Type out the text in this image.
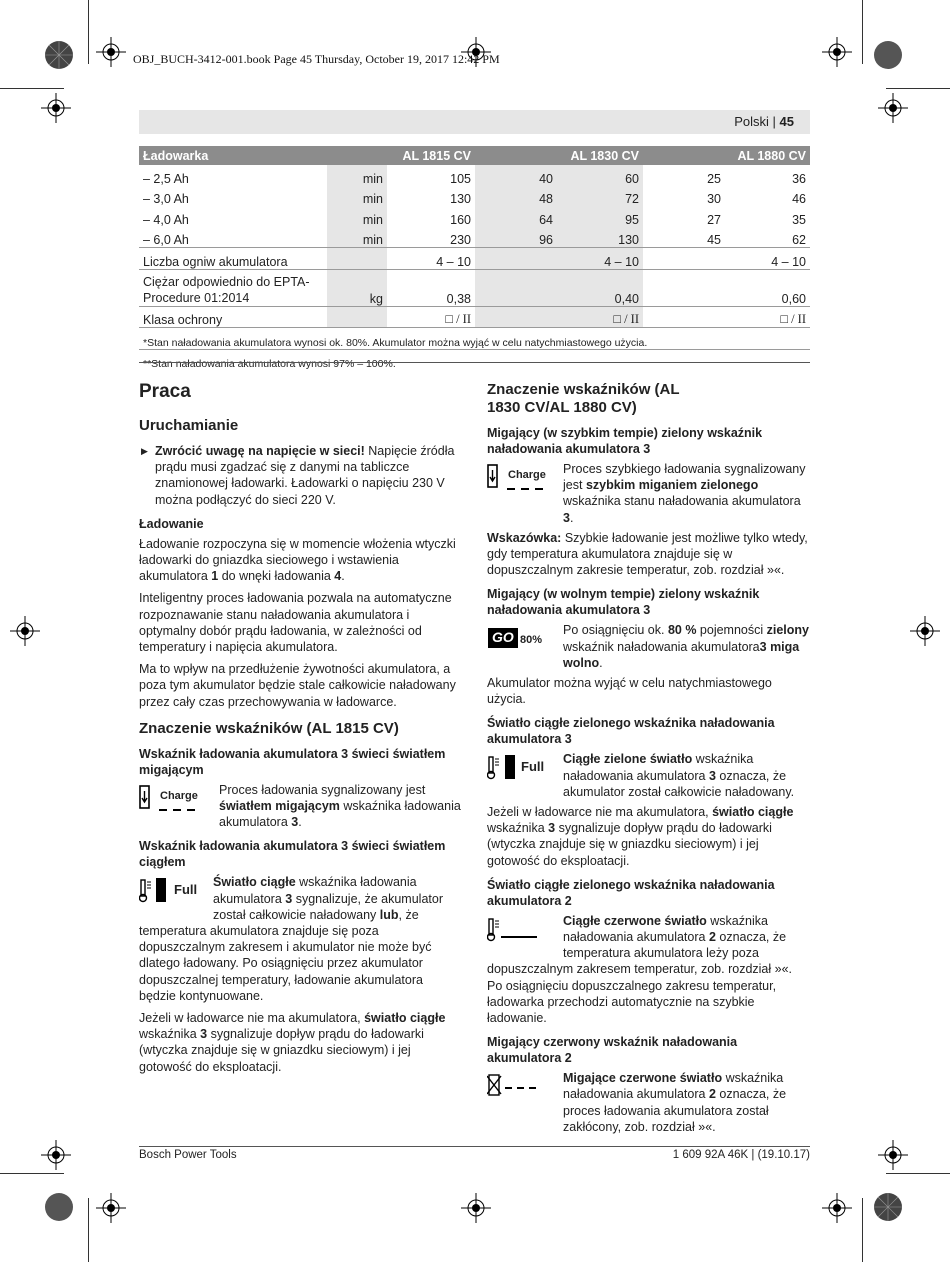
OBJ_BUCH-3412-001.book Page 45 Thursday, October 19, 2017 12:42 PM
Polski | 45
Ładowarka		AL 1815 CV		AL 1830 CV		AL 1880 CV
– 2,5 Ah	min	105	40	60	25	36
– 3,0 Ah	min	130	48	72	30	46
– 4,0 Ah	min	160	64	95	27	35
– 6,0 Ah	min	230	96	130	45	62
Liczba ogniw akumulatora		4 – 10		4 – 10		4 – 10
Ciężar odpowiednio do EPTA-
Procedure 01:2014	kg	0,38		0,40		0,60
Klasa ochrony		□ / II		□ / II		□ / II
*Stan naładowania akumulatora wynosi ok. 80%. Akumulator można wyjąć w celu natychmiastowego użycia.						
**Stan naładowania akumulatora wynosi 97% – 100%.						
Praca
Uruchamianie

▶ Zwrócić uwagę na napięcie w sieci! Napięcie źródła prądu musi zgadzać się z danymi na tabliczce znamionowej ładowarki. Ładowarki o napięciu 230 V można podłączyć do sieci 220 V.

Ładowanie

Ładowanie rozpoczyna się w momencie włożenia wtyczki ładowarki do gniazdka sieciowego i wstawienia akumulatora 1 do wnęki ładowania 4.

Inteligentny proces ładowania pozwala na automatyczne rozpoznawanie stanu naładowania akumulatora i optymalny dobór prądu ładowania, w zależności od temperatury i napięcia akumulatora.

Ma to wpływ na przedłużenie żywotności akumulatora, a poza tym akumulator będzie stale całkowicie naładowany przez cały czas przechowywania w ładowarce.

Znaczenie wskaźników (AL 1815 CV)
Wskaźnik ładowania akumulatora 3 świeci światłem migającym
Charge Proces ładowania sygnalizowany jest światłem migającym wskaźnika ładowania akumulatora 3.
Wskaźnik ładowania akumulatora 3 świeci światłem ciągłem

Full Światło ciągłe wskaźnika ładowania akumulatora 3 sygnalizuje, że akumulator został całkowicie naładowany lub, że temperatura akumulatora znajduje się poza dopuszczalnym zakresem i akumulator nie może być dlatego ładowany. Po osiągnięciu przez akumulator dopuszczalnej temperatury, ładowanie akumulatora będzie kontynuowane.

Jeżeli w ładowarce nie ma akumulatora, światło ciągłe wskaźnika 3 sygnalizuje dopływ prądu do ładowarki (wtyczka znajduje się w gniazdku sieciowym) i jej gotowość do eksploatacji.

Znaczenie wskaźników (AL 1830 CV/AL 1880 CV)
Migający (w szybkim tempie) zielony wskaźnik naładowania akumulatora 3
Charge Proces szybkiego ładowania sygnalizowany jest szybkim miganiem zielonego wskaźnika stanu naładowania akumulatora 3.

Wskazówka: Szybkie ładowanie jest możliwe tylko wtedy, gdy temperatura akumulatora znajduje się w dopuszczalnym zakresie temperatur, zob. rozdział »«.

Migający (w wolnym tempie) zielony wskaźnik naładowania akumulatora 3
GO 80%
Po osiągnięciu ok. 80 % pojemności zielony wskaźnik naładowania akumulatora3 miga wolno.

Akumulator można wyjąć w celu natychmiastowego użycia.

Światło ciągłe zielonego wskaźnika naładowania akumulatora 3
Full Ciągłe zielone światło wskaźnika naładowania akumulatora 3 oznacza, że akumulator został całkowicie naładowany.

Jeżeli w ładowarce nie ma akumulatora, światło ciągłe wskaźnika 3 sygnalizuje dopływ prądu do ładowarki (wtyczka znajduje się w gniazdku sieciowym) i jej gotowość do eksploatacji.

Światło ciągłe zielonego wskaźnika naładowania akumulatora 2

Ciągłe czerwone światło wskaźnika naładowania akumulatora 2 oznacza, że temperatura akumulatora leży poza dopuszczalnym zakresem temperatur, zob. rozdział »«. Po osiągnięciu dopuszczalnego zakresu temperatur, ładowarka przechodzi automatycznie na szybkie ładowanie.

Migający czerwony wskaźnik naładowania akumulatora 2
Migające czerwone światło wskaźnika naładowania akumulatora 2 oznacza, że proces ładowania akumulatora został zakłócony, zob. rozdział »«.
Bosch Power Tools	1 609 92A 46K | (19.10.17)
